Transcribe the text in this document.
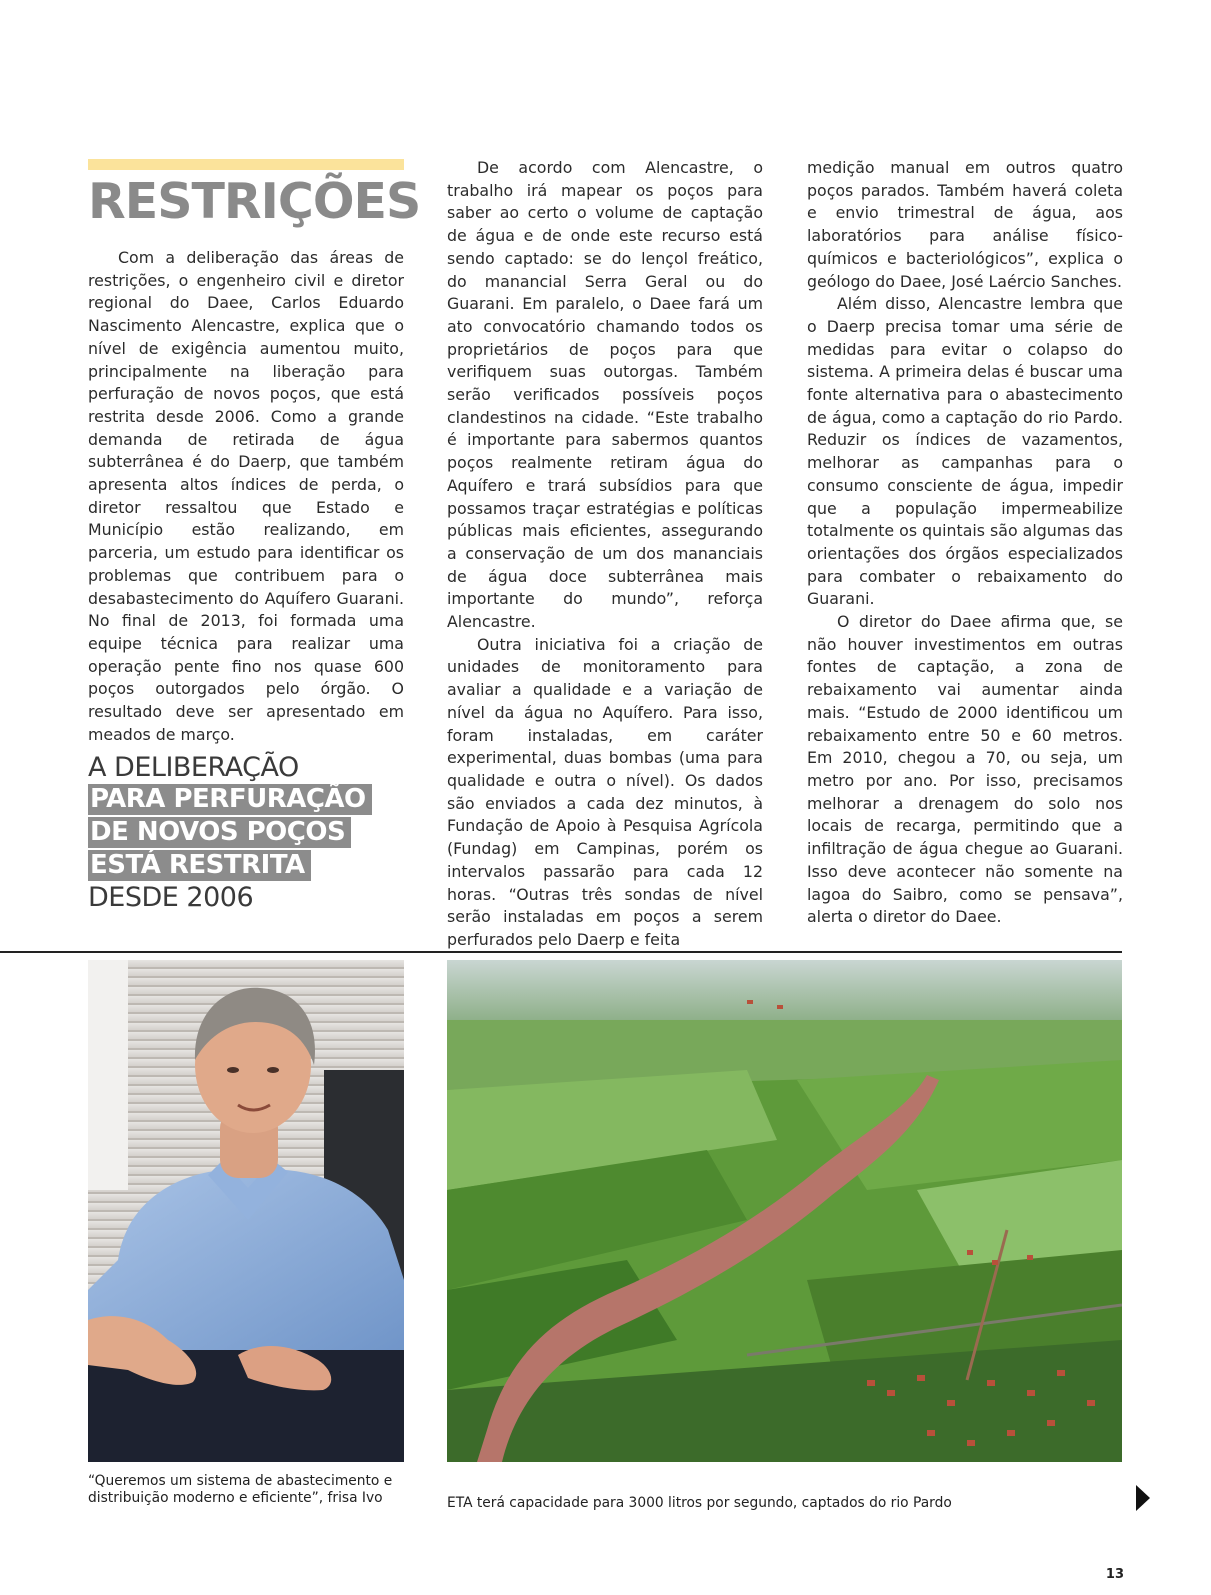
RESTRIÇÕES

Com a deliberação das áreas de restrições, o engenheiro civil e diretor regional do Daee, Carlos Eduardo Nascimento Alencastre, explica que o nível de exigência aumentou muito, principalmente na liberação para perfuração de novos poços, que está restrita desde 2006. Como a grande demanda de retirada de água subterrânea é do Daerp, que também apresenta altos índices de perda, o diretor ressaltou que Estado e Município estão realizando, em parceria, um estudo para identificar os problemas que contribuem para o desabastecimento do Aquífero Guarani. No final de 2013, foi formada uma equipe técnica para realizar uma operação pente fino nos quase 600 poços outorgados pelo órgão. O resultado deve ser apresentado em meados de março.

A DELIBERAÇÃO
PARA PERFURAÇÃO
DE NOVOS POÇOS
ESTÁ RESTRITA
DESDE 2006

De acordo com Alencastre, o trabalho irá mapear os poços para saber ao certo o volume de captação de água e de onde este recurso está sendo captado: se do lençol freático, do manancial Serra Geral ou do Guarani. Em paralelo, o Daee fará um ato convocatório chamando todos os proprietários de poços para que verifiquem suas outorgas. Também serão verificados possíveis poços clandestinos na cidade. “Este trabalho é importante para sabermos quantos poços realmente retiram água do Aquífero e trará subsídios para que possamos traçar estratégias e políticas públicas mais eficientes, assegurando a conservação de um dos mananciais de água doce subterrânea mais importante do mundo”, reforça Alencastre.

Outra iniciativa foi a criação de unidades de monitoramento para avaliar a qualidade e a variação de nível da água no Aquífero. Para isso, foram instaladas, em caráter experimental, duas bombas (uma para qualidade e outra o nível). Os dados são enviados a cada dez minutos, à Fundação de Apoio à Pesquisa Agrícola (Fundag) em Campinas, porém os intervalos passarão para cada 12 horas. “Outras três sondas de nível serão instaladas em poços a serem perfurados pelo Daerp e feita

medição manual em outros quatro poços parados. Também haverá coleta e envio trimestral de água, aos laboratórios para análise físico-químicos e bacteriológicos”, explica o geólogo do Daee, José Laércio Sanches.

Além disso, Alencastre lembra que o Daerp precisa tomar uma série de medidas para evitar o colapso do sistema. A primeira delas é buscar uma fonte alternativa para o abastecimento de água, como a captação do rio Pardo. Reduzir os índices de vazamentos, melhorar as campanhas para o consumo consciente de água, impedir que a população impermeabilize totalmente os quintais são algumas das orientações dos órgãos especializados para combater o rebaixamento do Guarani.

O diretor do Daee afirma que, se não houver investimentos em outras fontes de captação, a zona de rebaixamento vai aumentar ainda mais. “Estudo de 2000 identificou um rebaixamento entre 50 e 60 metros. Em 2010, chegou a 70, ou seja, um metro por ano. Por isso, precisamos melhorar a drenagem do solo nos locais de recarga, permitindo que a infiltração de água chegue ao Guarani. Isso deve acontecer não somente na lagoa do Saibro, como se pensava”, alerta o diretor do Daee.

“Queremos um sistema de abastecimento e distribuição moderno e eficiente”, frisa Ivo	ETA terá capacidade para 3000 litros por segundo, captados do rio Pardo
13
